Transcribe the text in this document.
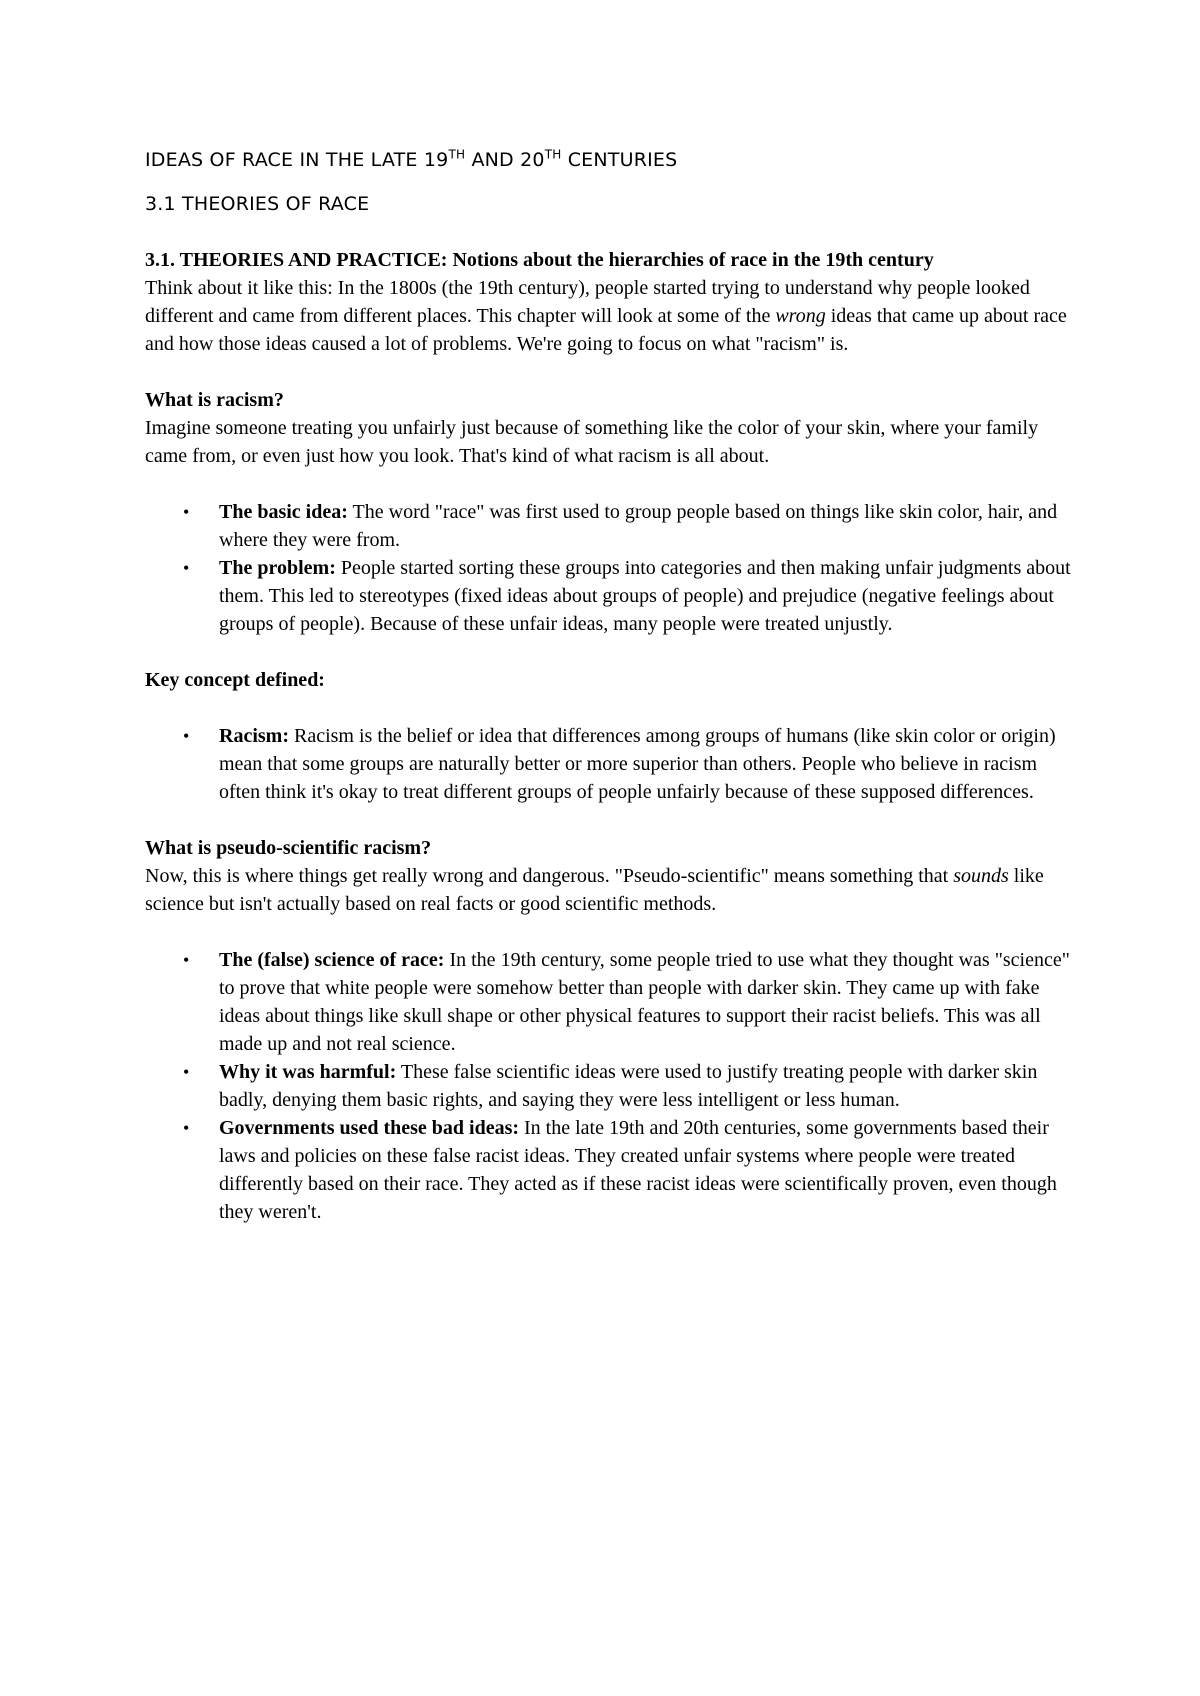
IDEAS OF RACE IN THE LATE 19TH AND 20TH CENTURIES
3.1 THEORIES OF RACE
3.1. THEORIES AND PRACTICE: Notions about the hierarchies of race in the 19th century

Think about it like this: In the 1800s (the 19th century), people started trying to understand why people looked different and came from different places. This chapter will look at some of the wrong ideas that came up about race and how those ideas caused a lot of problems. We're going to focus on what "racism" is.

What is racism?

Imagine someone treating you unfairly just because of something like the color of your skin, where your family came from, or even just how you look. That's kind of what racism is all about.

• The basic idea: The word "race" was first used to group people based on things like skin color, hair, and where they were from.
• The problem: People started sorting these groups into categories and then making unfair judgments about them. This led to stereotypes (fixed ideas about groups of people) and prejudice (negative feelings about groups of people). Because of these unfair ideas, many people were treated unjustly.
Key concept defined:
• Racism: Racism is the belief or idea that differences among groups of humans (like skin color or origin) mean that some groups are naturally better or more superior than others. People who believe in racism often think it's okay to treat different groups of people unfairly because of these supposed differences.
What is pseudo-scientific racism?

Now, this is where things get really wrong and dangerous. "Pseudo-scientific" means something that sounds like science but isn't actually based on real facts or good scientific methods.

• The (false) science of race: In the 19th century, some people tried to use what they thought was "science" to prove that white people were somehow better than people with darker skin. They came up with fake ideas about things like skull shape or other physical features to support their racist beliefs. This was all made up and not real science.
• Why it was harmful: These false scientific ideas were used to justify treating people with darker skin badly, denying them basic rights, and saying they were less intelligent or less human.
• Governments used these bad ideas: In the late 19th and 20th centuries, some governments based their laws and policies on these false racist ideas. They created unfair systems where people were treated differently based on their race. They acted as if these racist ideas were scientifically proven, even though they weren't.
